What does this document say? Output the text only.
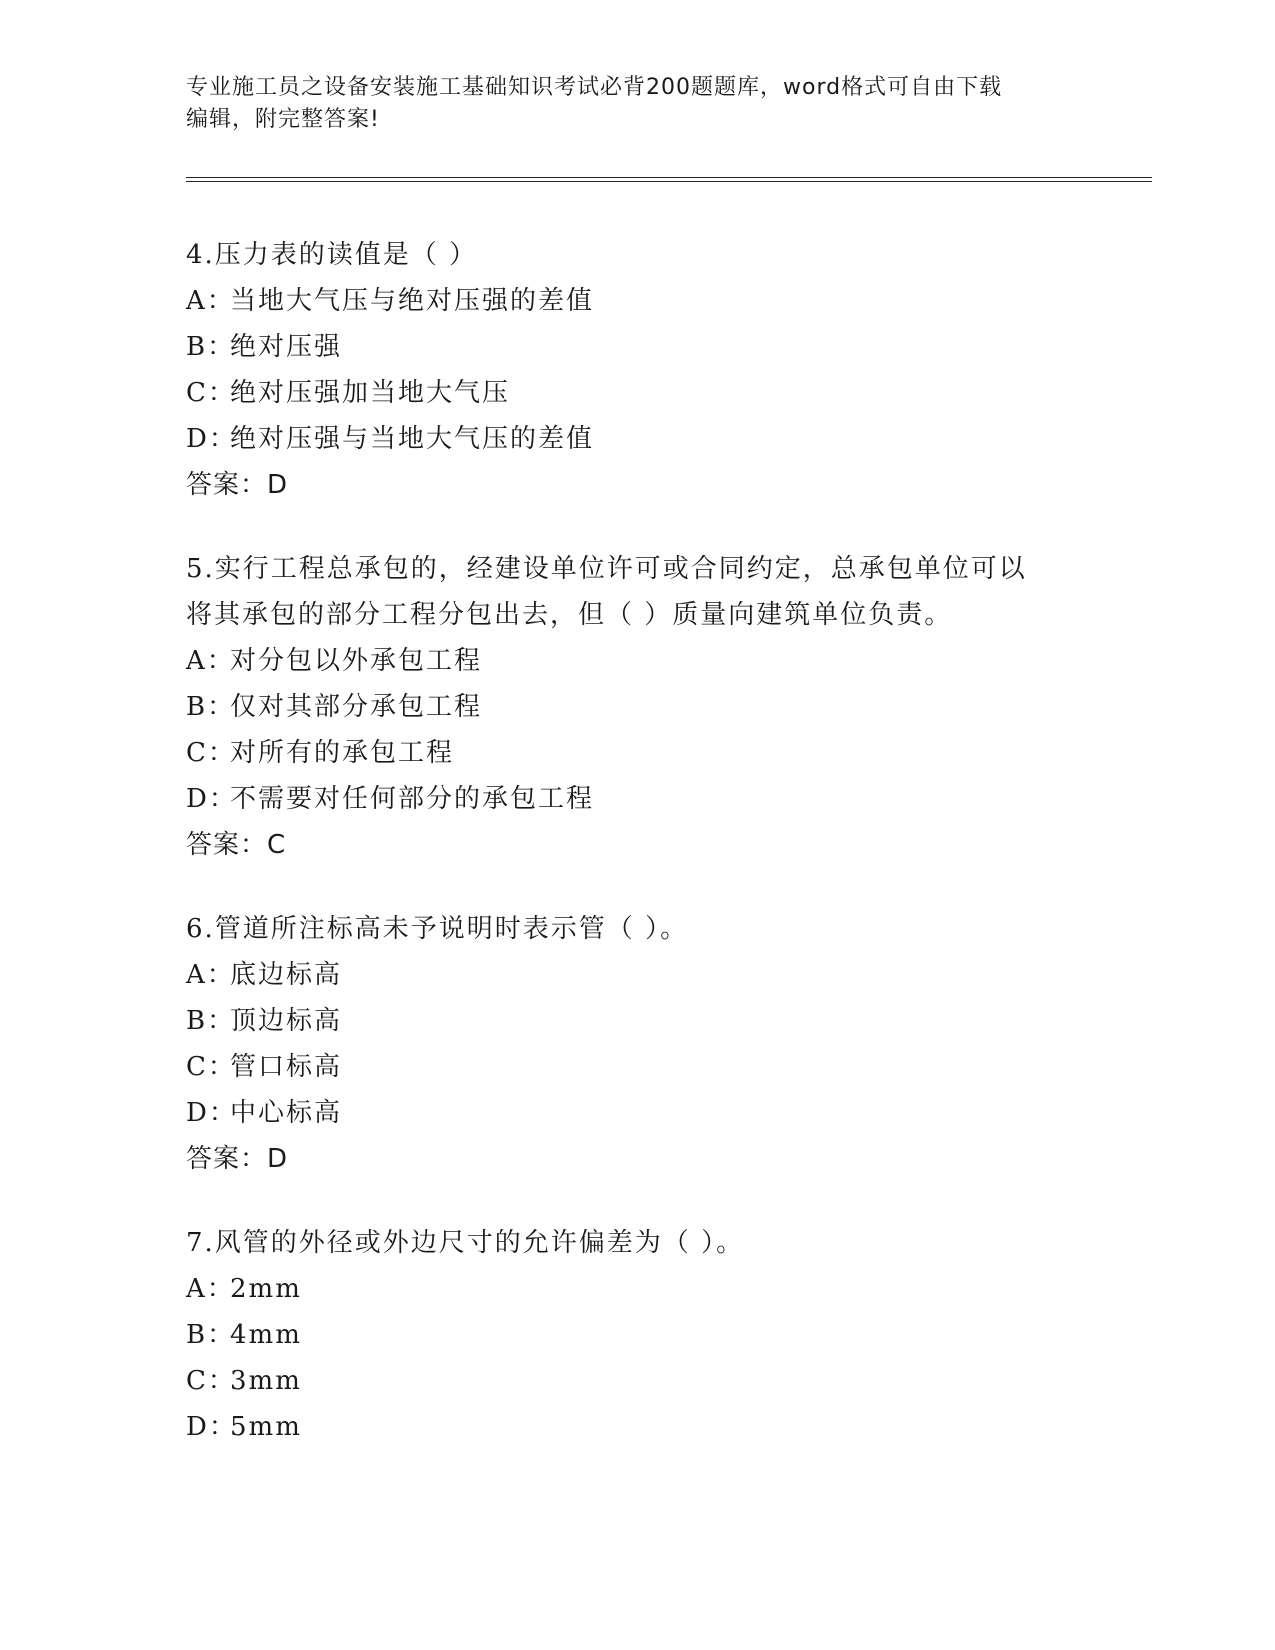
专业施工员之设备安装施工基础知识考试必背200题题库，word格式可自由下载
编辑，附完整答案!
4.压力表的读值是（ ）
A：当地大气压与绝对压强的差值
B：绝对压强
C：绝对压强加当地大气压
D：绝对压强与当地大气压的差值
答案：D
5.实行工程总承包的，经建设单位许可或合同约定，总承包单位可以
将其承包的部分工程分包出去，但（ ）质量向建筑单位负责。
A：对分包以外承包工程
B：仅对其部分承包工程
C：对所有的承包工程
D：不需要对任何部分的承包工程
答案：C
6.管道所注标高未予说明时表示管（ ）。
A：底边标高
B：顶边标高
C：管口标高
D：中心标高
答案：D
7.风管的外径或外边尺寸的允许偏差为（ ）。
A：2mm
B：4mm
C：3mm
D：5mm
